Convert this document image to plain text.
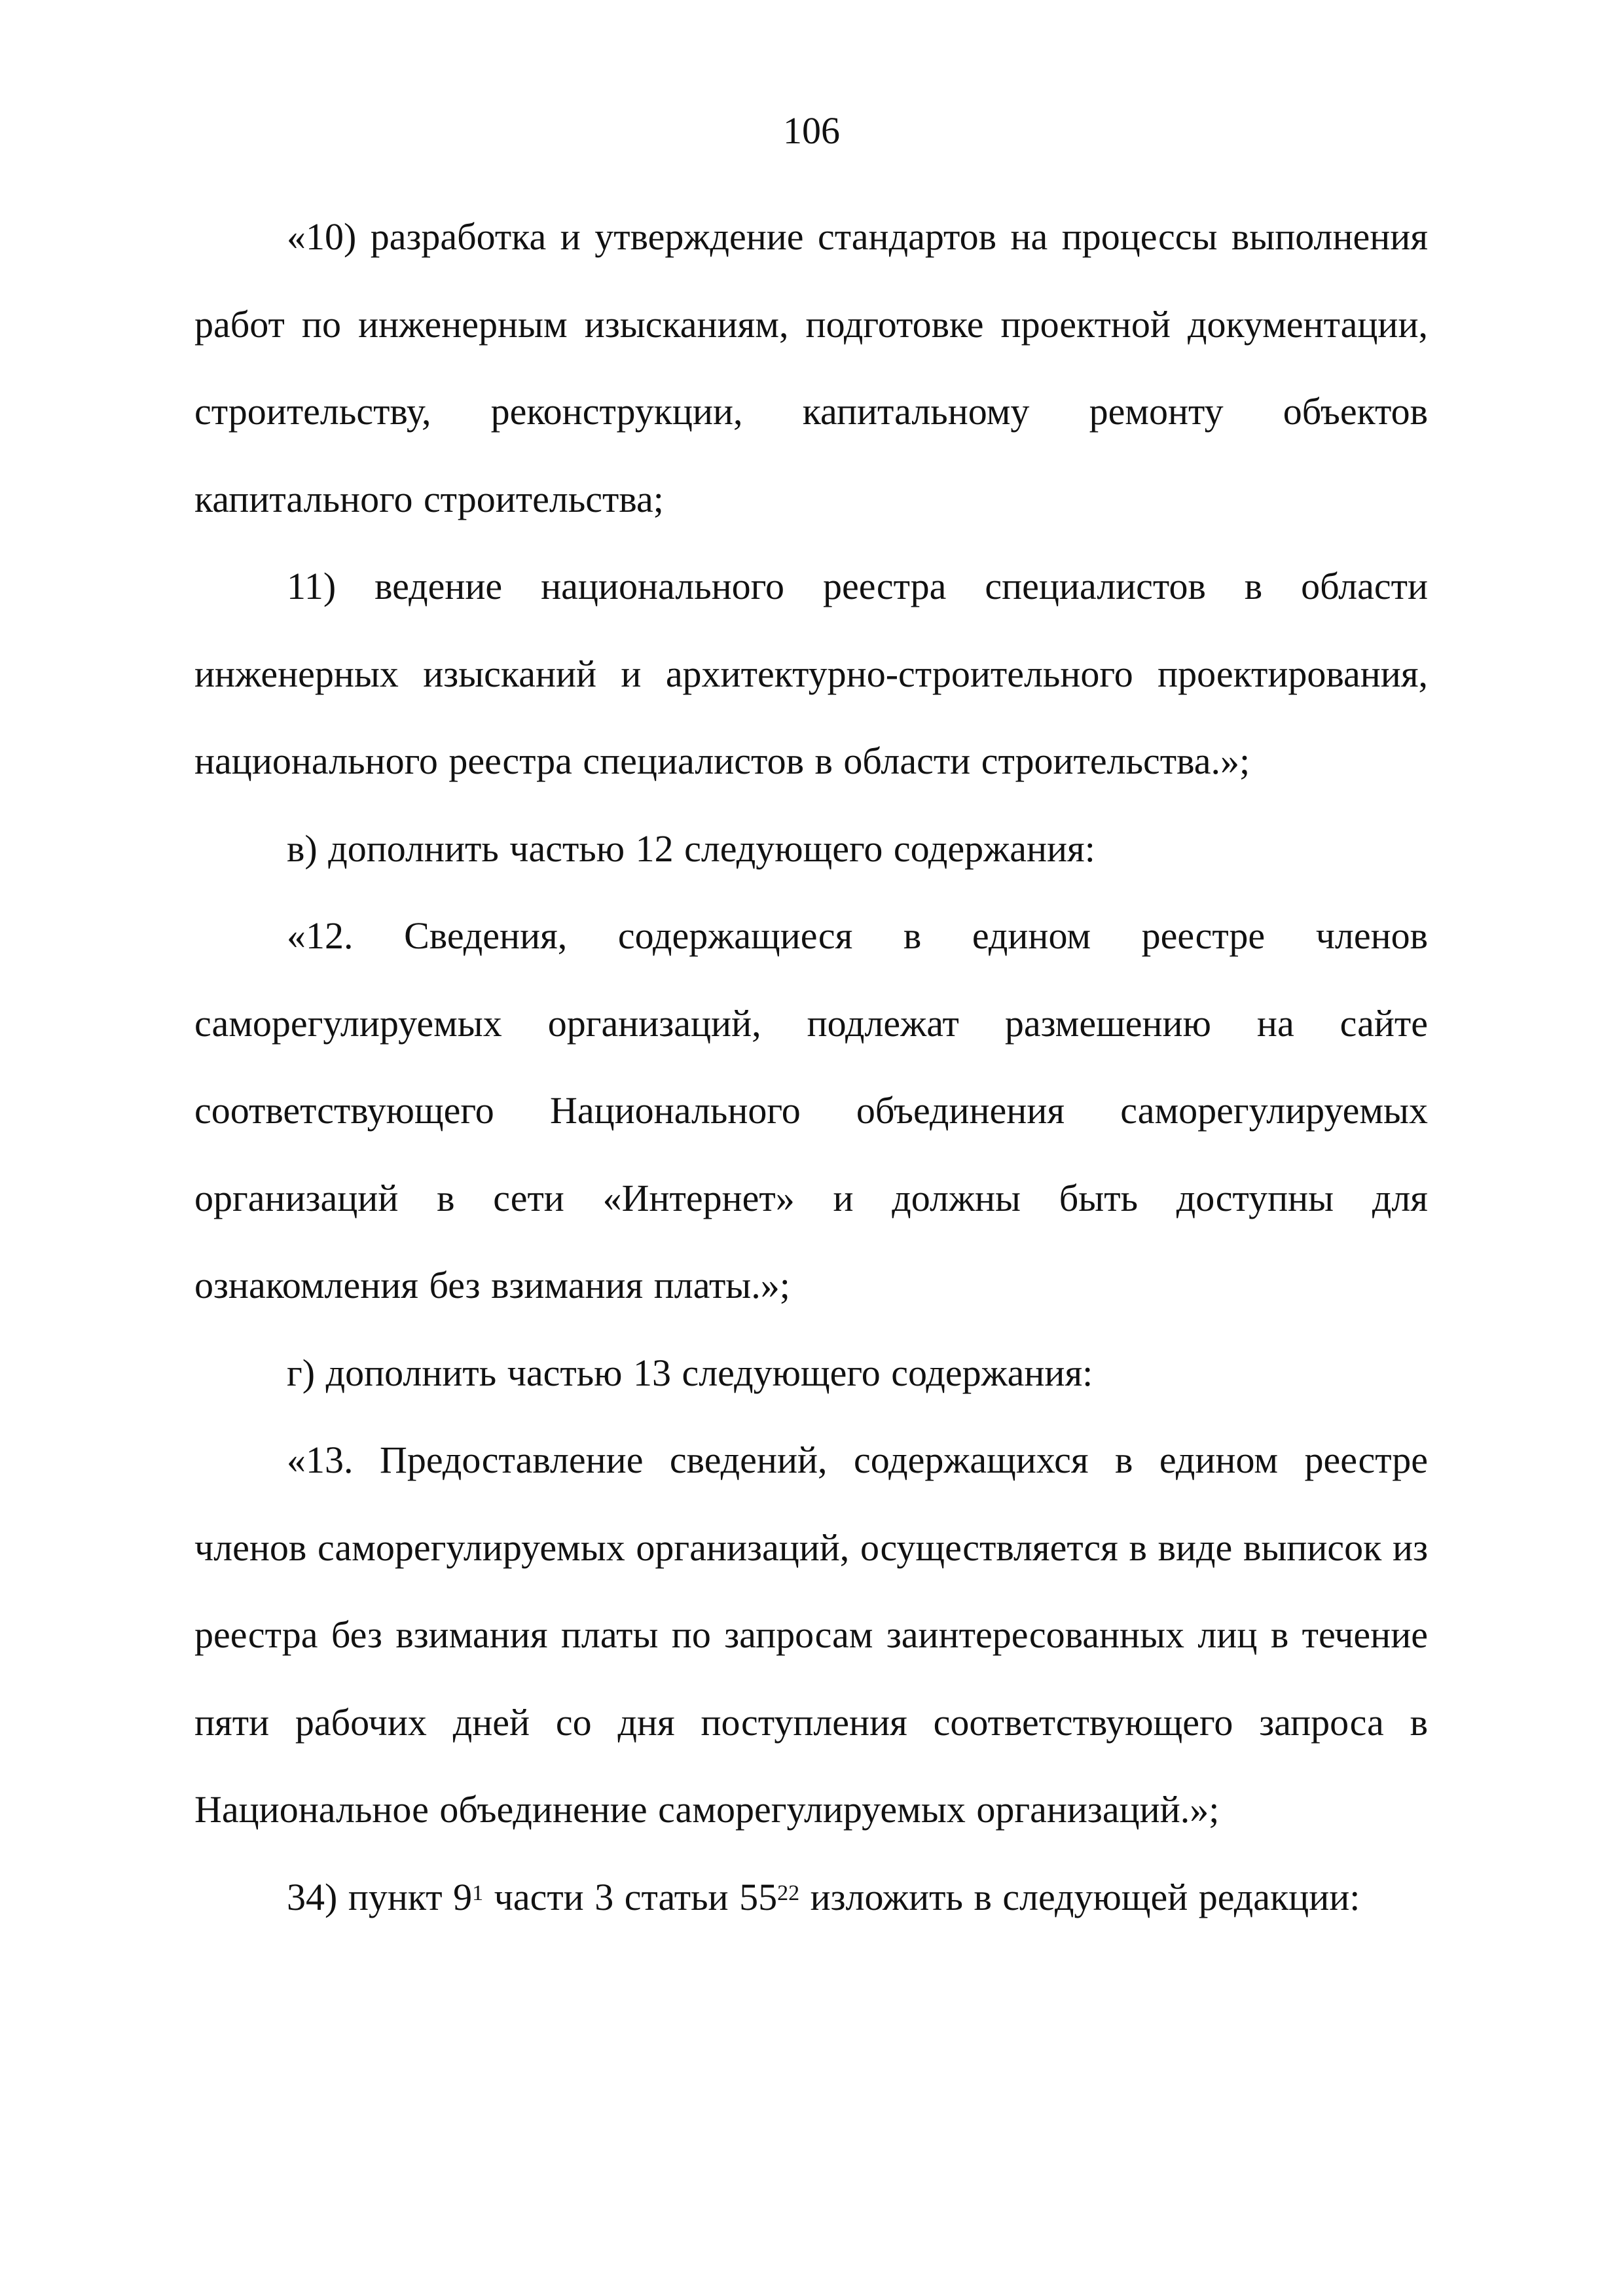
106

«10) разработка и утверждение стандартов на процессы выполнения работ по инженерным изысканиям, подготовке проектной документации, строительству, реконструкции, капитальному ремонту объектов капитального строительства;

11) ведение национального реестра специалистов в области инженерных изысканий и архитектурно-строительного проектирования, национального реестра специалистов в области строительства.»;

в) дополнить частью 12 следующего содержания:

«12. Сведения, содержащиеся в едином реестре членов саморегулируемых организаций, подлежат размешению на сайте соответствующего Национального объединения саморегулируемых организаций в сети «Интернет» и должны быть доступны для ознакомления без взимания платы.»;

г) дополнить частью 13 следующего содержания:

«13. Предоставление сведений, содержащихся в едином реестре членов саморегулируемых организаций, осуществляется в виде выписок из реестра без взимания платы по запросам заинтересованных лиц в течение пяти рабочих дней со дня поступления соответствующего запроса в Национальное объединение саморегулируемых организаций.»;

34) пункт $9^1$ части 3 статьи $55^{22}$ изложить в следующей редакции:
